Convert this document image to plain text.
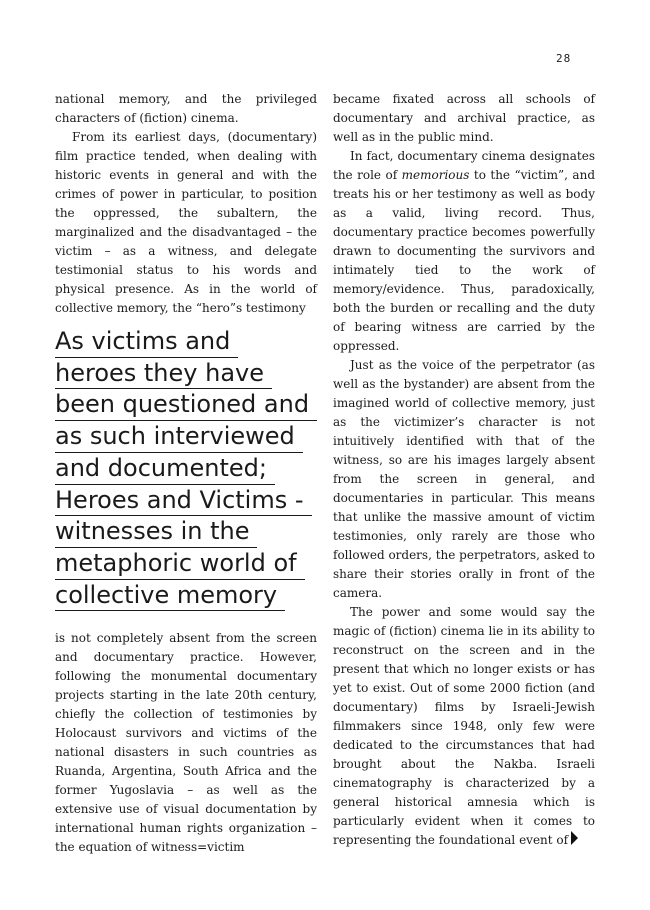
28

national memory, and the privileged characters of (fiction) cinema.

From its earliest days, (documentary) film practice tended, when dealing with historic events in general and with the crimes of power in particular, to position the oppressed, the subaltern, the marginalized and the disadvantaged – the victim – as a witness, and delegate testimonial status to his words and physical presence. As in the world of collective memory, the “hero”s testimony

As victims and
heroes they have
been questioned and
as such interviewed
and documented;
Heroes and Victims -
witnesses in the
metaphoric world of
collective memory

is not completely absent from the screen and documentary practice. However, following the monumental documentary projects starting in the late 20th century, chiefly the collection of testimonies by Holocaust survivors and victims of the national disasters in such countries as Ruanda, Argentina, South Africa and the former Yugoslavia – as well as the extensive use of visual documentation by international human rights organization – the equation of witness=victim

became fixated across all schools of documentary and archival practice, as well as in the public mind.

In fact, documentary cinema designates the role of memorious to the “victim”, and treats his or her testimony as well as body as a valid, living record. Thus, documentary practice becomes powerfully drawn to documenting the survivors and intimately tied to the work of memory/evidence. Thus, paradoxically, both the burden or recalling and the duty of bearing witness are carried by the oppressed.

Just as the voice of the perpetrator (as well as the bystander) are absent from the imagined world of collective memory, just as the victimizer’s character is not intuitively identified with that of the witness, so are his images largely absent from the screen in general, and documentaries in particular. This means that unlike the massive amount of victim testimonies, only rarely are those who followed orders, the perpetrators, asked to share their stories orally in front of the camera.

The power and some would say the magic of (fiction) cinema lie in its ability to reconstruct on the screen and in the present that which no longer exists or has yet to exist. Out of some 2000 fiction (and documentary) films by Israeli-Jewish filmmakers since 1948, only few were dedicated to the circumstances that had brought about the Nakba. Israeli cinematography is characterized by a general historical amnesia which is particularly evident when it comes to representing the foundational event of
